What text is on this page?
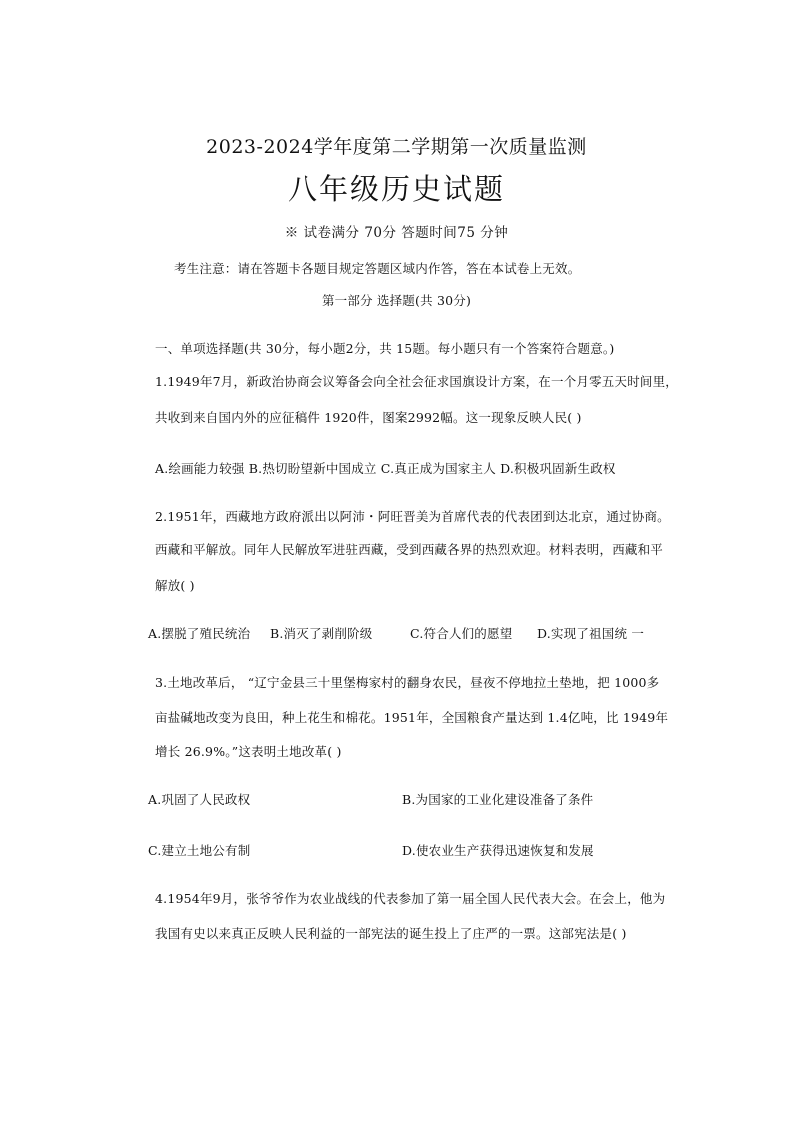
2023-2024学年度第二学期第一次质量监测
八年级历史试题
※ 试卷满分 70分 答题时间75 分钟
考生注意：请在答题卡各题目规定答题区域内作答，答在本试卷上无效。
第一部分 选择题(共 30分)
一、单项选择题(共 30分，每小题2分，共 15题。每小题只有一个答案符合题意。)
1.1949年7月，新政治协商会议筹备会向全社会征求国旗设计方案，在一个月零五天时间里，
共收到来自国内外的应征稿件 1920件，图案2992幅。这一现象反映人民( )
A.绘画能力较强 B.热切盼望新中国成立 C.真正成为国家主人 D.积极巩固新生政权
2.1951年，西藏地方政府派出以阿沛・阿旺晋美为首席代表的代表团到达北京，通过协商。
西藏和平解放。同年人民解放军进驻西藏，受到西藏各界的热烈欢迎。材料表明，西藏和平
解放( )
A.摆脱了殖民统治 B.消灭了剥削阶级	C.符合人们的愿望 D.实现了祖国统 一
3.土地改革后， “辽宁金县三十里堡梅家村的翻身农民，昼夜不停地拉土垫地，把 1000多
亩盐碱地改变为良田，种上花生和棉花。1951年，全国粮食产量达到 1.4亿吨，比 1949年
增长 26.9%。”这表明土地改革( )
A.巩固了人民政权	B.为国家的工业化建设准备了条件
C.建立土地公有制	D.使农业生产获得迅速恢复和发展
4.1954年9月，张爷爷作为农业战线的代表参加了第一届全国人民代表大会。在会上，他为
我国有史以来真正反映人民利益的一部宪法的诞生投上了庄严的一票。这部宪法是( )
